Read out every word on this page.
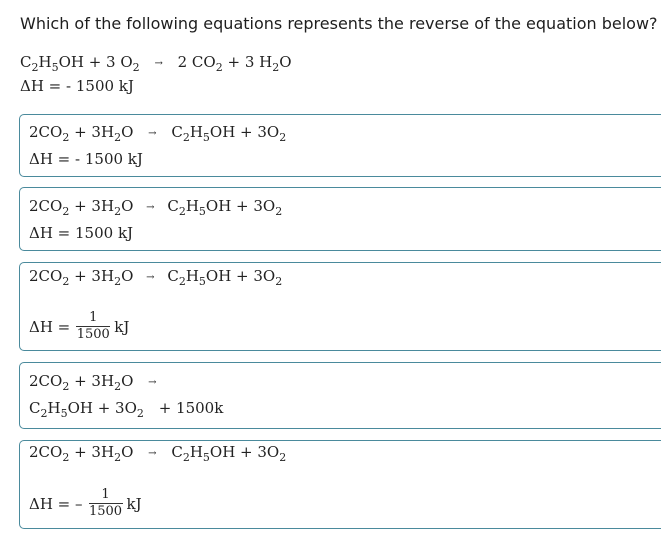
Which of the following equations represents the reverse of the equation below?
$C_2H_5OH + 3$ $O_2 \to 2$ $CO_2 + 3$ $H_2O$
ΔH = - 1500 kJ
$2CO_2 + 3H_2O \to C_2H_5OH + 3O_2$
ΔH = - 1500 kJ
$2CO_2 + 3H_2O \to C_2H_5OH + 3O_2$
ΔH = 1500 kJ
$2CO_2 + 3H_2O \to C_2H_5OH + 3O_2$
$\Delta H = \frac{1}{1500}$ kJ
$2CO_2 + 3H_2O$ →
$C_2H_5OH + 3O_2 + 1500k$
$2CO_2 + 3H_2O \to C_2H_5OH + 3O_2$
ΔH = – $\frac{1}{1500}$ kJ
